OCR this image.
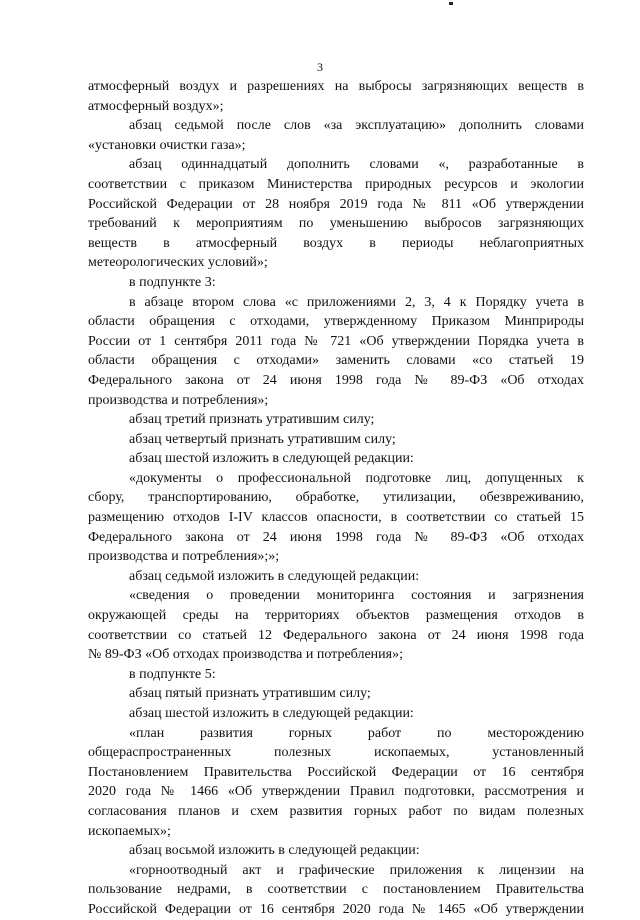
3
атмосферный воздух и разрешениях на выбросы загрязняющих веществ в
атмосферный воздух»;
абзац седьмой после слов «за эксплуатацию» дополнить словами
«установки очистки газа»;
абзац одиннадцатый дополнить словами «, разработанные в
соответствии с приказом Министерства природных ресурсов и экологии
Российской Федерации от 28 ноября 2019 года № 811 «Об утверждении
требований к мероприятиям по уменьшению выбросов загрязняющих
веществ в атмосферный воздух в периоды неблагоприятных
метеорологических условий»;
в подпункте 3:
в абзаце втором слова «с приложениями 2, 3, 4 к Порядку учета в
области обращения с отходами, утвержденному Приказом Минприроды
России от 1 сентября 2011 года № 721 «Об утверждении Порядка учета в
области обращения с отходами» заменить словами «со статьей 19
Федерального закона от 24 июня 1998 года № 89-ФЗ «Об отходах
производства и потребления»;
абзац третий признать утратившим силу;
абзац четвертый признать утратившим силу;
абзац шестой изложить в следующей редакции:
«документы о профессиональной подготовке лиц, допущенных к
сбору, транспортированию, обработке, утилизации, обезвреживанию,
размещению отходов I-IV классов опасности, в соответствии со статьей 15
Федерального закона от 24 июня 1998 года № 89-ФЗ «Об отходах
производства и потребления»;»;
абзац седьмой изложить в следующей редакции:
«сведения о проведении мониторинга состояния и загрязнения
окружающей среды на территориях объектов размещения отходов в
соответствии со статьей 12 Федерального закона от 24 июня 1998 года
№ 89-ФЗ «Об отходах производства и потребления»;
в подпункте 5:
абзац пятый признать утратившим силу;
абзац шестой изложить в следующей редакции:
«план развития горных работ по месторождению
общераспространенных полезных ископаемых, установленный
Постановлением Правительства Российской Федерации от 16 сентября
2020 года № 1466 «Об утверждении Правил подготовки, рассмотрения и
согласования планов и схем развития горных работ по видам полезных
ископаемых»;
абзац восьмой изложить в следующей редакции:
«горноотводный акт и графические приложения к лицензии на
пользование недрами, в соответствии с постановлением Правительства
Российской Федерации от 16 сентября 2020 года № 1465 «Об утверждении
